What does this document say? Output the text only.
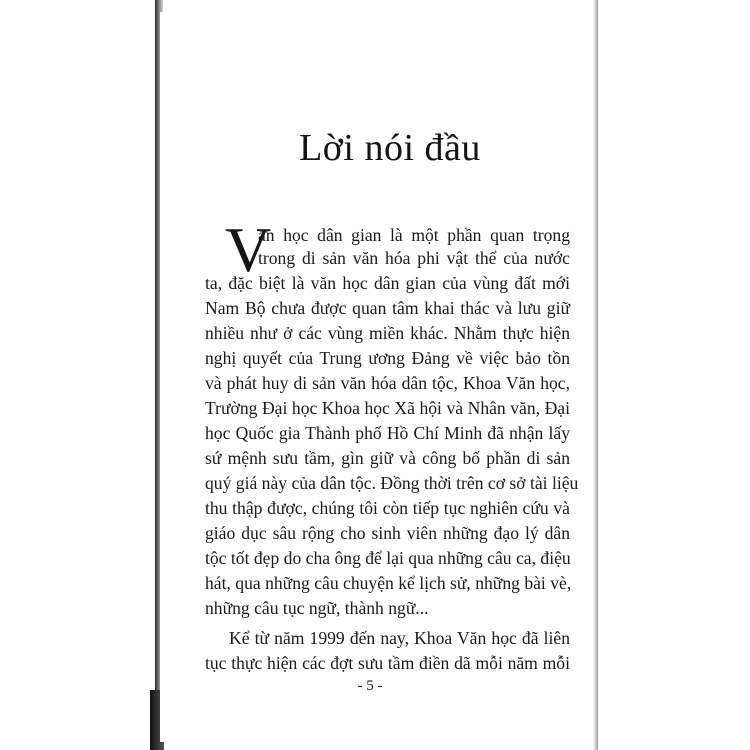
Lời nói đầu
V
ăn học dân gian là một phần quan trọng
trong di sản văn hóa phi vật thể của nước
ta, đặc biệt là văn học dân gian của vùng đất mới
Nam Bộ chưa được quan tâm khai thác và lưu giữ
nhiều như ở các vùng miền khác. Nhằm thực hiện
nghị quyết của Trung ương Đảng về việc bảo tồn
và phát huy di sản văn hóa dân tộc, Khoa Văn học,
Trường Đại học Khoa học Xã hội và Nhân văn, Đại
học Quốc gia Thành phố Hồ Chí Minh đã nhận lấy
sứ mệnh sưu tầm, gìn giữ và công bố phần di sản
quý giá này của dân tộc. Đồng thời trên cơ sở tài liệu
thu thập được, chúng tôi còn tiếp tục nghiên cứu và
giáo dục sâu rộng cho sinh viên những đạo lý dân
tộc tốt đẹp do cha ông để lại qua những câu ca, điệu
hát, qua những câu chuyện kể lịch sử, những bài vè,
những câu tục ngữ, thành ngữ...
Kể từ năm 1999 đến nay, Khoa Văn học đã liên
tục thực hiện các đợt sưu tầm điền dã mỗi năm mỗi
- 5 -
